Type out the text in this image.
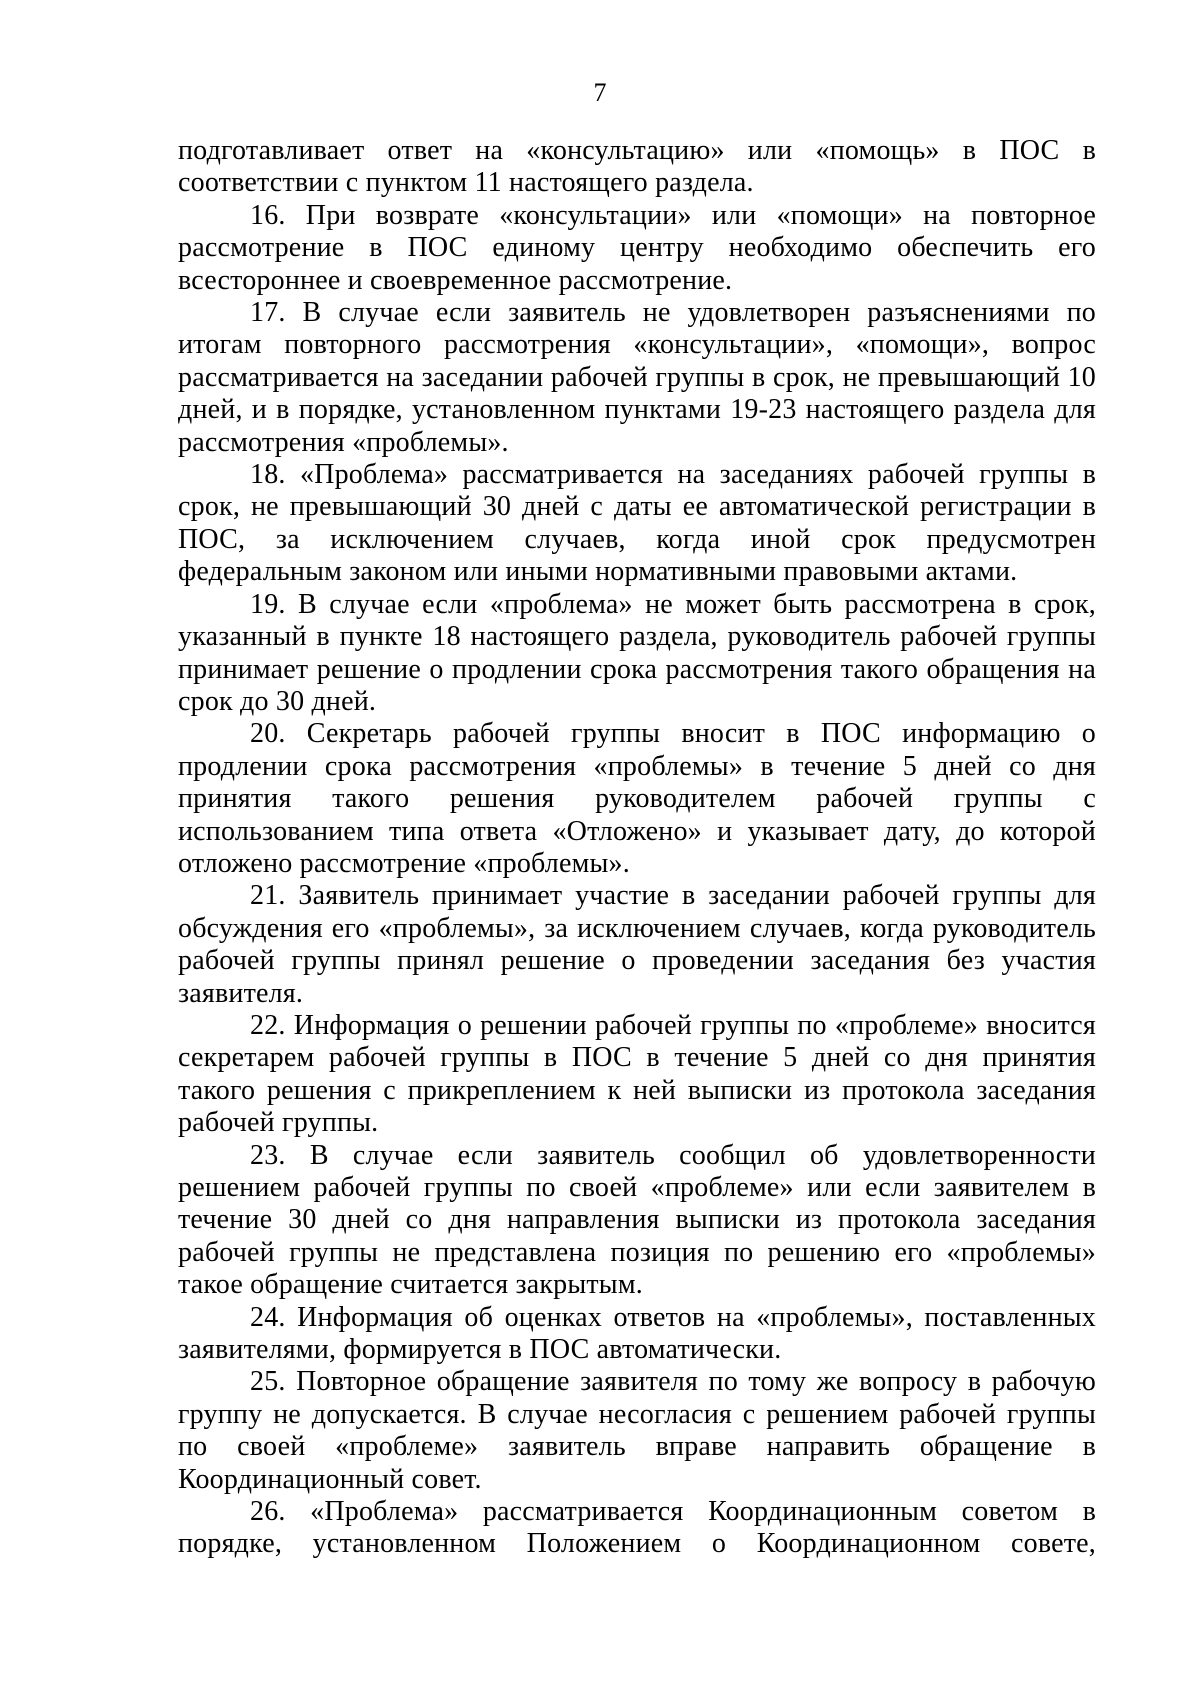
7

подготавливает ответ на «консультацию» или «помощь» в ПОС в соответствии с пунктом 11 настоящего раздела.

16. При возврате «консультации» или «помощи» на повторное рассмотрение в ПОС единому центру необходимо обеспечить его всестороннее и своевременное рассмотрение.

17. В случае если заявитель не удовлетворен разъяснениями по итогам повторного рассмотрения «консультации», «помощи», вопрос рассматривается на заседании рабочей группы в срок, не превышающий 10 дней, и в порядке, установленном пунктами 19-23 настоящего раздела для рассмотрения «проблемы».

18. «Проблема» рассматривается на заседаниях рабочей группы в срок, не превышающий 30 дней с даты ее автоматической регистрации в ПОС, за исключением случаев, когда иной срок предусмотрен федеральным законом или иными нормативными правовыми актами.

19. В случае если «проблема» не может быть рассмотрена в срок, указанный в пункте 18 настоящего раздела, руководитель рабочей группы принимает решение о продлении срока рассмотрения такого обращения на срок до 30 дней.

20. Секретарь рабочей группы вносит в ПОС информацию о продлении срока рассмотрения «проблемы» в течение 5 дней со дня принятия такого решения руководителем рабочей группы с использованием типа ответа «Отложено» и указывает дату, до которой отложено рассмотрение «проблемы».

21. Заявитель принимает участие в заседании рабочей группы для обсуждения его «проблемы», за исключением случаев, когда руководитель рабочей группы принял решение о проведении заседания без участия заявителя.

22. Информация о решении рабочей группы по «проблеме» вносится секретарем рабочей группы в ПОС в течение 5 дней со дня принятия такого решения с прикреплением к ней выписки из протокола заседания рабочей группы.

23. В случае если заявитель сообщил об удовлетворенности решением рабочей группы по своей «проблеме» или если заявителем в течение 30 дней со дня направления выписки из протокола заседания рабочей группы не представлена позиция по решению его «проблемы» такое обращение считается закрытым.

24. Информация об оценках ответов на «проблемы», поставленных заявителями, формируется в ПОС автоматически.

25. Повторное обращение заявителя по тому же вопросу в рабочую группу не допускается. В случае несогласия с решением рабочей группы по своей «проблеме» заявитель вправе направить обращение в Координационный совет.

26. «Проблема» рассматривается Координационным советом в порядке, установленном Положением о Координационном совете,
